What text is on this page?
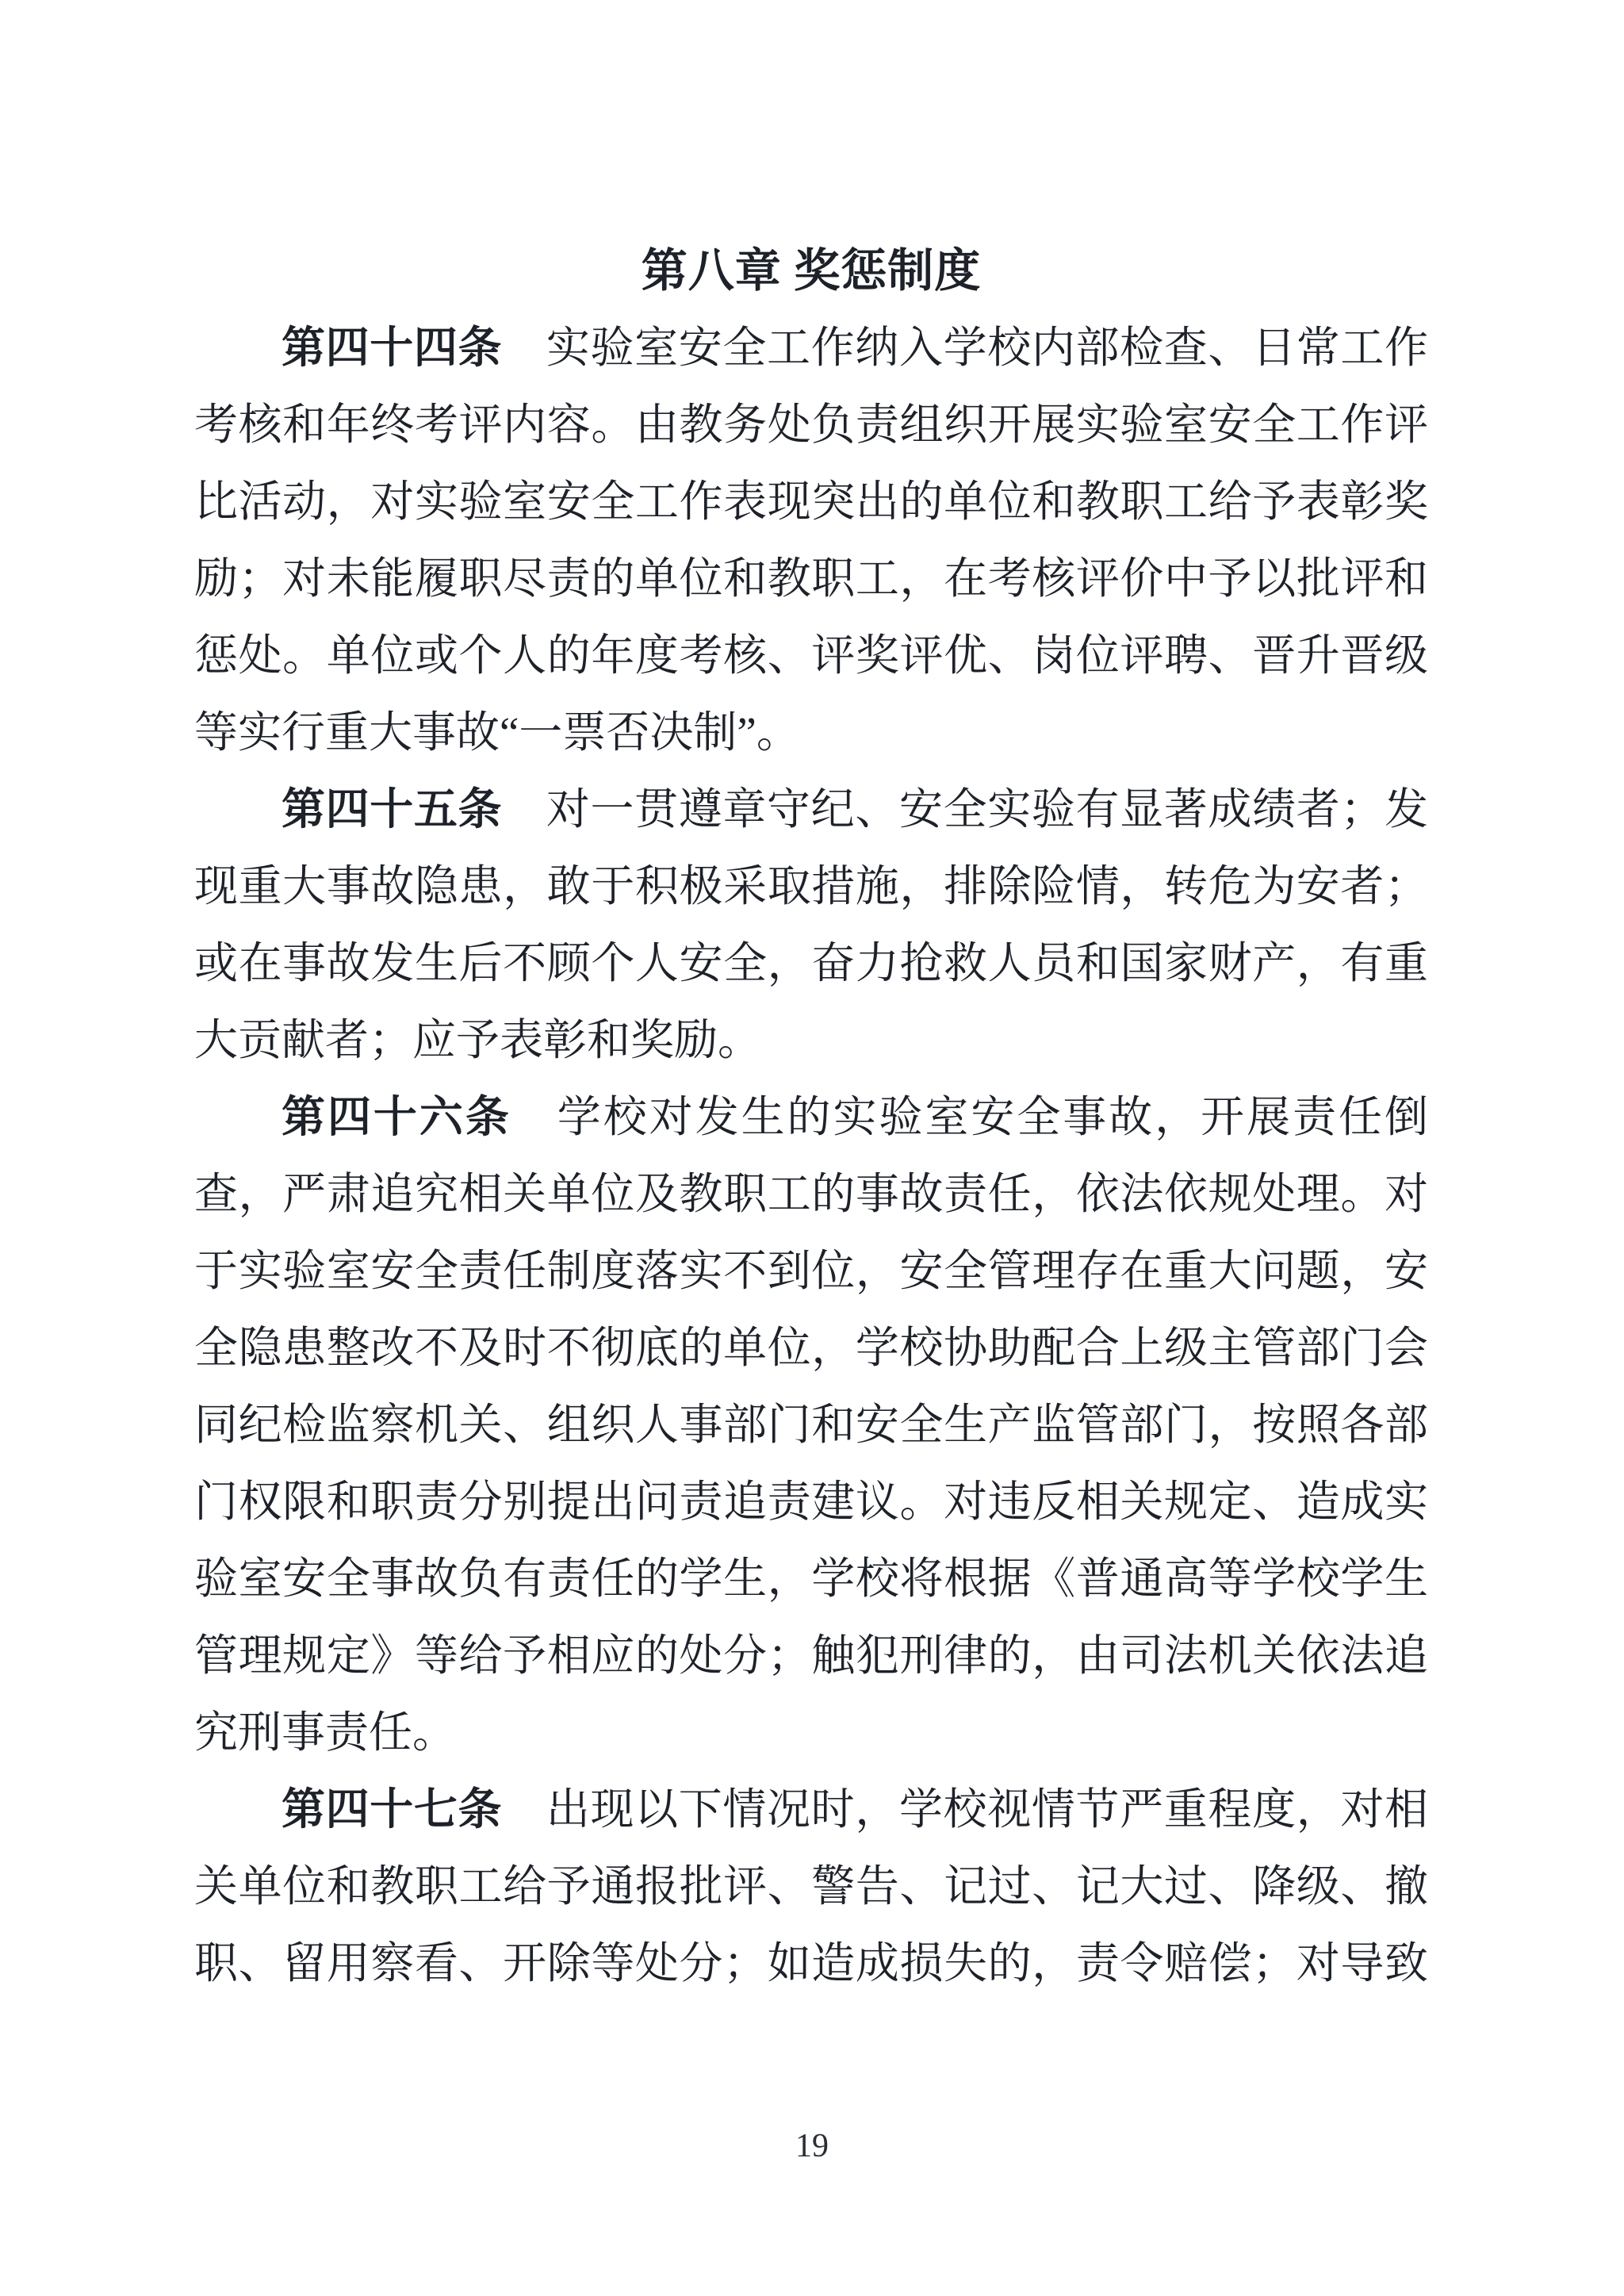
第八章 奖惩制度
第四十四条　实验室安全工作纳入学校内部检查、日常工作
考核和年终考评内容。由教务处负责组织开展实验室安全工作评
比活动，对实验室安全工作表现突出的单位和教职工给予表彰奖
励；对未能履职尽责的单位和教职工，在考核评价中予以批评和
惩处。单位或个人的年度考核、评奖评优、岗位评聘、晋升晋级
等实行重大事故“一票否决制”。
第四十五条　对一贯遵章守纪、安全实验有显著成绩者；发
现重大事故隐患，敢于积极采取措施，排除险情，转危为安者；
或在事故发生后不顾个人安全，奋力抢救人员和国家财产，有重
大贡献者；应予表彰和奖励。
第四十六条　学校对发生的实验室安全事故，开展责任倒
查，严肃追究相关单位及教职工的事故责任，依法依规处理。对
于实验室安全责任制度落实不到位，安全管理存在重大问题，安
全隐患整改不及时不彻底的单位，学校协助配合上级主管部门会
同纪检监察机关、组织人事部门和安全生产监管部门，按照各部
门权限和职责分别提出问责追责建议。对违反相关规定、造成实
验室安全事故负有责任的学生，学校将根据《普通高等学校学生
管理规定》等给予相应的处分；触犯刑律的，由司法机关依法追
究刑事责任。
第四十七条　出现以下情况时，学校视情节严重程度，对相
关单位和教职工给予通报批评、警告、记过、记大过、降级、撤
职、留用察看、开除等处分；如造成损失的，责令赔偿；对导致
19
